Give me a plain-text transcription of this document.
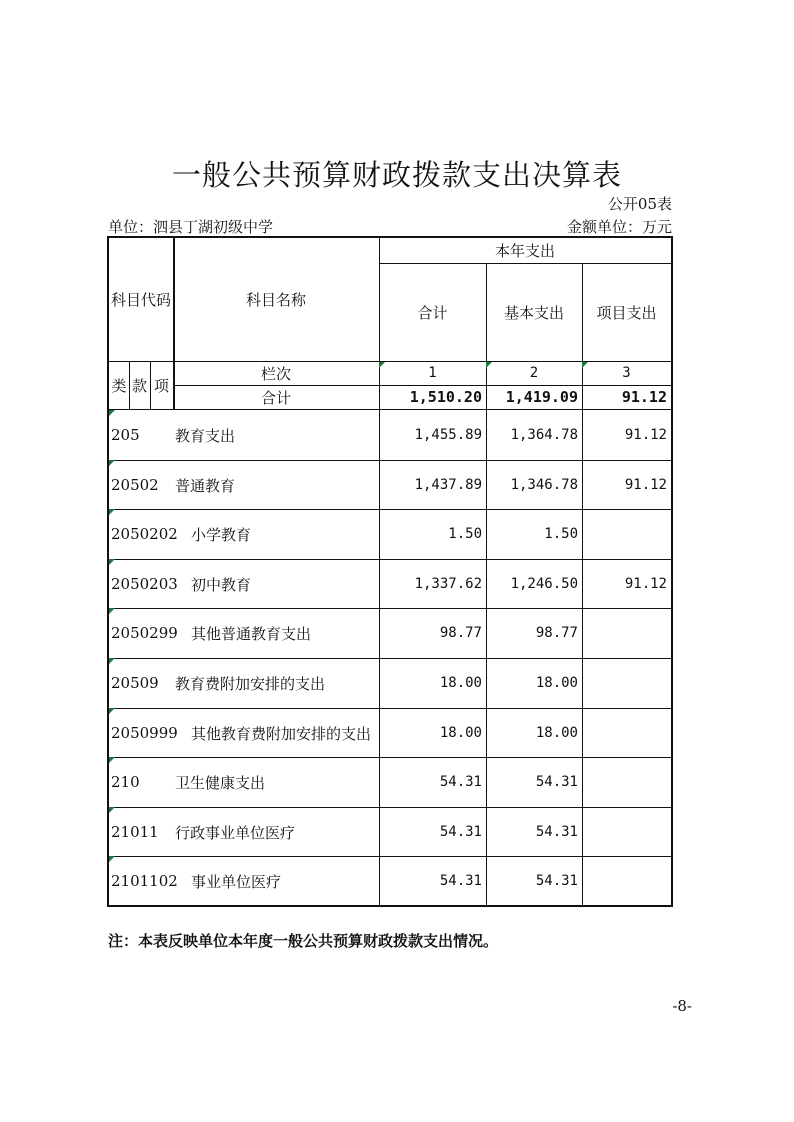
一般公共预算财政拨款支出决算表
公开05表
单位：泗县丁湖初级中学	金额单位：万元
科目代码	科目名称
本年支出
合计	基本支出	项目支出
类 款 项
栏次	1	2	3
合计	1,510.20	1,419.09	91.12
205	教育支出	1,455.89	1,364.78	91.12
20502	普通教育	1,437.89	1,346.78	91.12
2050202 小学教育	1.50	1.50
2050203 初中教育	1,337.62	1,246.50	91.12
2050299 其他普通教育支出	98.77	98.77
20509	教育费附加安排的支出	18.00	18.00
2050999 其他教育费附加安排的支出	18.00	18.00
210	卫生健康支出	54.31	54.31
21011	行政事业单位医疗	54.31	54.31
2101102 事业单位医疗	54.31	54.31
注：本表反映单位本年度一般公共预算财政拨款支出情况。
-8-
